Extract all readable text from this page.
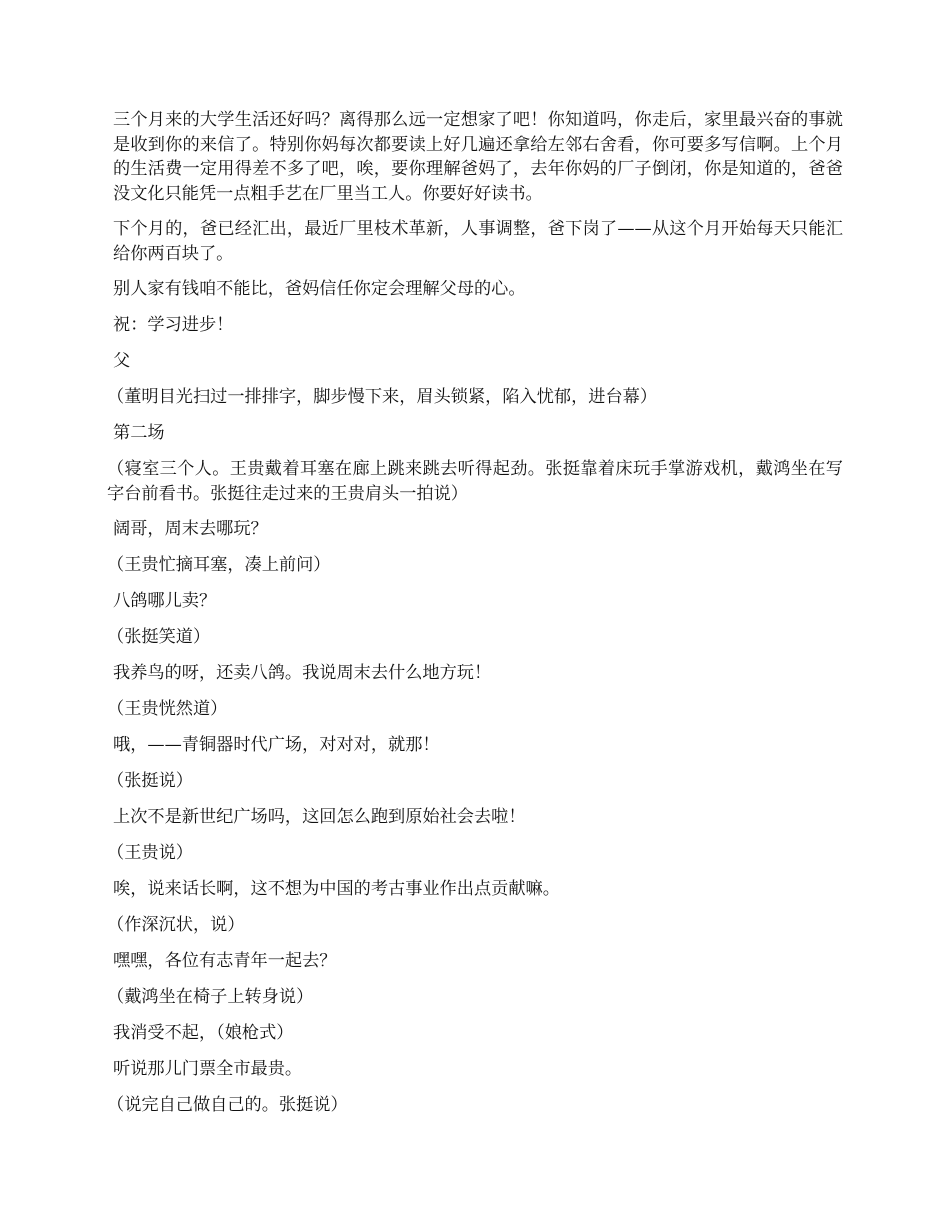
三个月来的大学生活还好吗？离得那么远一定想家了吧！你知道吗，你走后，家里最兴奋的事就是收到你的来信了。特别你妈每次都要读上好几遍还拿给左邻右舍看，你可要多写信啊。上个月的生活费一定用得差不多了吧，唉，要你理解爸妈了，去年你妈的厂子倒闭，你是知道的，爸爸没文化只能凭一点粗手艺在厂里当工人。你要好好读书。

下个月的，爸已经汇出，最近厂里枝术革新，人事调整，爸下岗了——从这个月开始每天只能汇给你两百块了。

别人家有钱咱不能比，爸妈信任你定会理解父母的心。

祝：学习进步！

父

（董明目光扫过一排排字，脚步慢下来，眉头锁紧，陷入忧郁，进台幕）

第二场

（寝室三个人。王贵戴着耳塞在廊上跳来跳去听得起劲。张挺靠着床玩手掌游戏机，戴鸿坐在写字台前看书。张挺往走过来的王贵肩头一拍说）

阔哥，周末去哪玩？

（王贵忙摘耳塞，凑上前问）

八鸽哪儿卖？

（张挺笑道）

我养鸟的呀，还卖八鸽。我说周末去什么地方玩！

（王贵恍然道）

哦，——青铜器时代广场，对对对，就那！

（张挺说）

上次不是新世纪广场吗，这回怎么跑到原始社会去啦！

（王贵说）

唉，说来话长啊，这不想为中国的考古事业作出点贡献嘛。

（作深沉状，说）

嘿嘿，各位有志青年一起去？

（戴鸿坐在椅子上转身说）

我消受不起，（娘枪式）

听说那儿门票全市最贵。

（说完自己做自己的。张挺说）
